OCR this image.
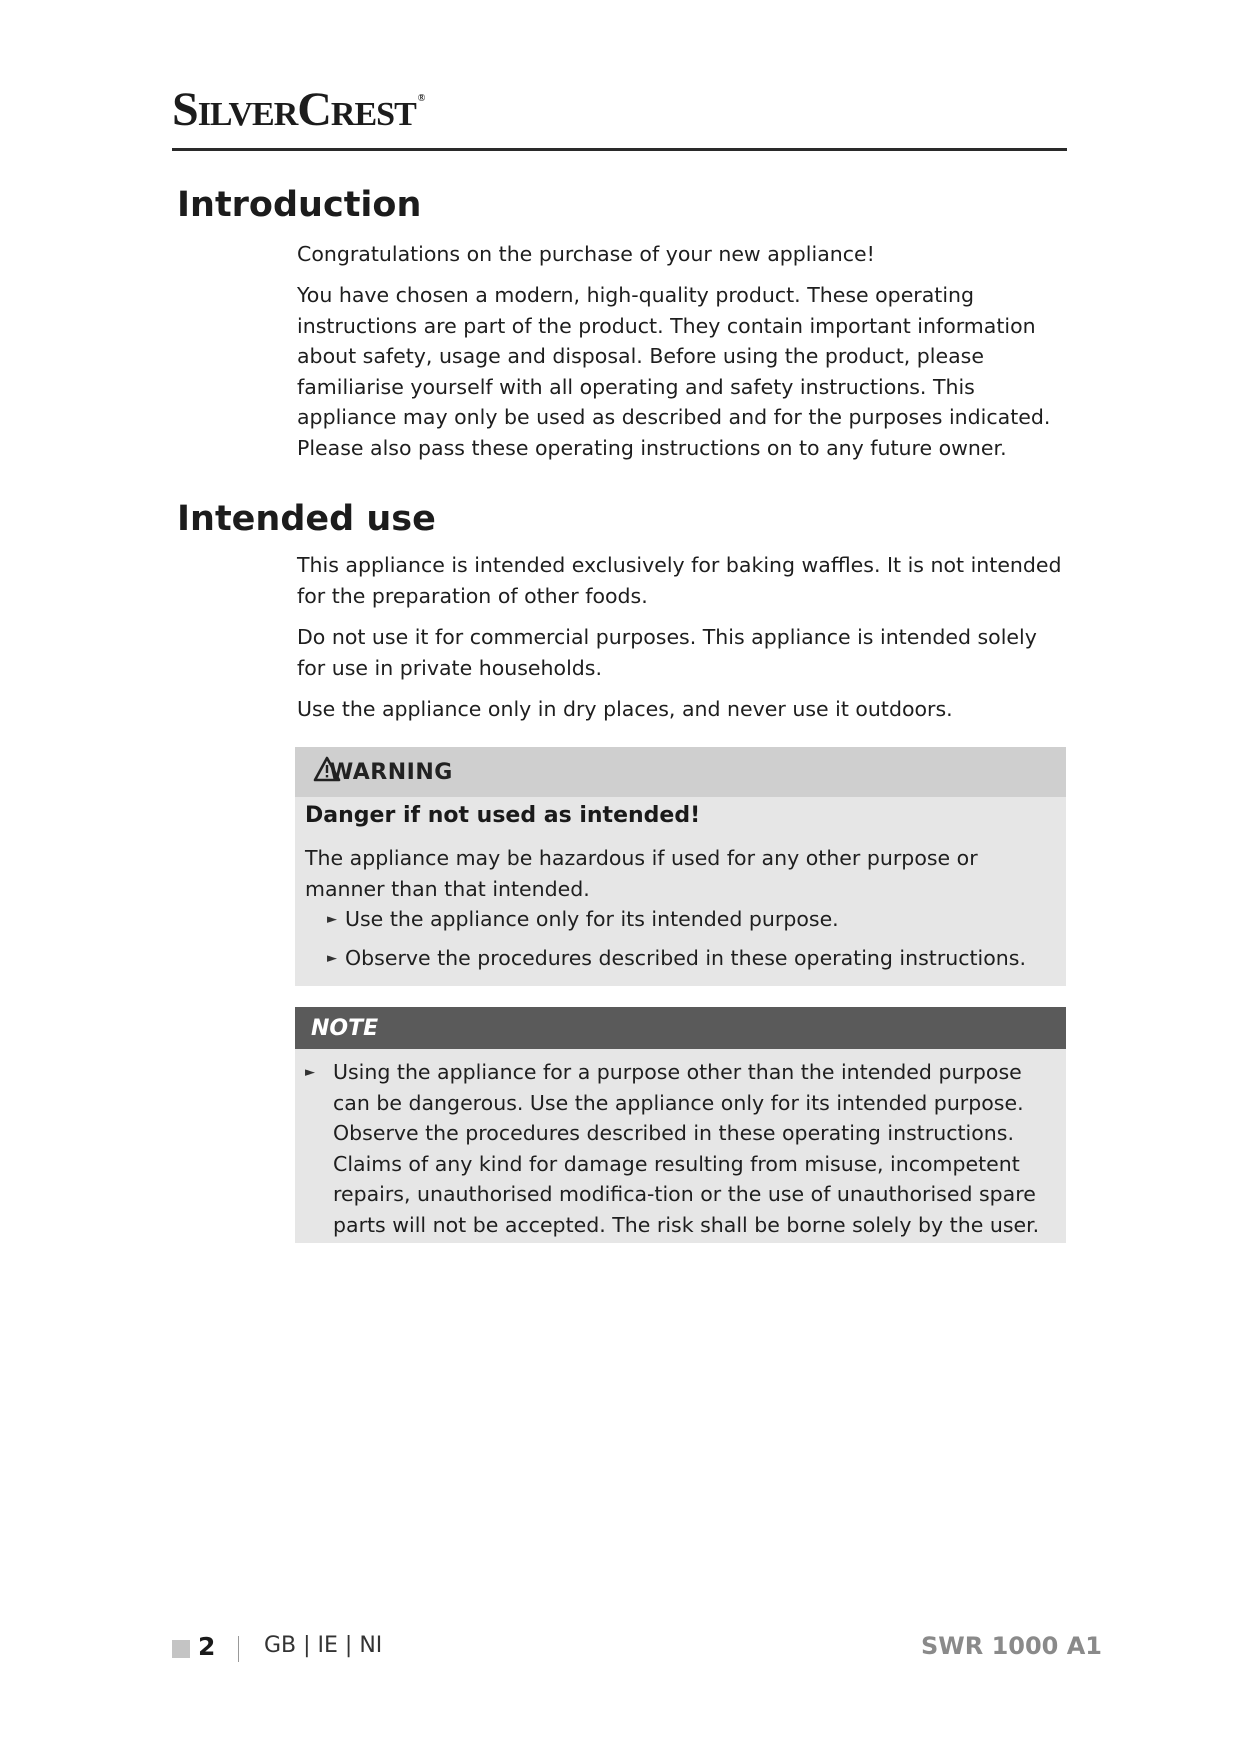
SilverCrest ®
Introduction

Congratulations on the purchase of your new appliance!

You have chosen a modern, high-quality product. These operating instructions are part of the product. They contain important information about safety, usage and disposal. Before using the product, please familiarise yourself with all operating and safety instructions. This appliance may only be used as described and for the purposes indicated. Please also pass these operating instructions on to any future owner.

Intended use

This appliance is intended exclusively for baking waffles. It is not intended for the preparation of other foods.

Do not use it for commercial purposes. This appliance is intended solely for use in private households.

Use the appliance only in dry places, and never use it outdoors.

WARNING
Danger if not used as intended!

The appliance may be hazardous if used for any other purpose or manner than that intended.

► Use the appliance only for its intended purpose.
► Observe the procedures described in these operating instructions.
NOTE
► Using the appliance for a purpose other than the intended purpose can be dangerous. Use the appliance only for its intended purpose. Observe the procedures described in these operating instructions. Claims of any kind for damage resulting from misuse, incompetent repairs, unauthorised modifica-tion or the use of unauthorised spare parts will not be accepted. The risk shall be borne solely by the user.

2 GB | IE | NI	SWR 1000 A1
